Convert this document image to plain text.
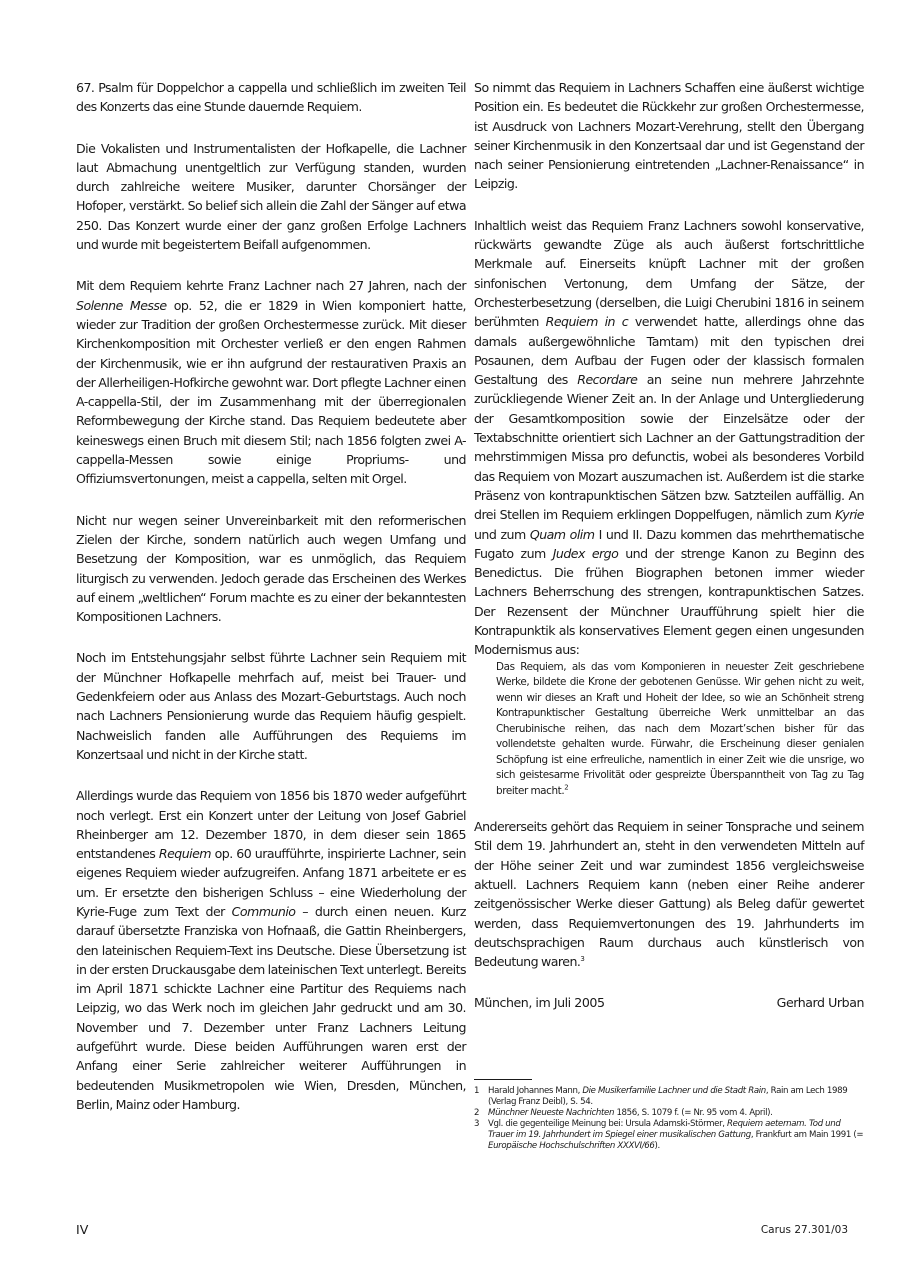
67. Psalm für Doppelchor a cappella und schließlich im zweiten Teil des Konzerts das eine Stunde dauernde Requiem.

Die Vokalisten und Instrumentalisten der Hofkapelle, die Lachner laut Abmachung unentgeltlich zur Verfügung standen, wurden durch zahlreiche weitere Musiker, darunter Chorsänger der Hofoper, verstärkt. So belief sich allein die Zahl der Sänger auf etwa 250. Das Konzert wurde einer der ganz großen Erfolge Lachners und wurde mit begeistertem Beifall aufgenommen.

Mit dem Requiem kehrte Franz Lachner nach 27 Jahren, nach der Solenne Messe op. 52, die er 1829 in Wien komponiert hatte, wieder zur Tradition der großen Orchestermesse zurück. Mit dieser Kirchenkomposition mit Orchester verließ er den engen Rahmen der Kirchenmusik, wie er ihn aufgrund der restaurativen Praxis an der Allerheiligen-Hofkirche gewohnt war. Dort pflegte Lachner einen A-cappella-Stil, der im Zusammenhang mit der überregionalen Reformbewegung der Kirche stand. Das Requiem bedeutete aber keineswegs einen Bruch mit diesem Stil; nach 1856 folgten zwei A-cappella-Messen sowie einige Propriums- und Offiziumsvertonungen, meist a cappella, selten mit Orgel.

Nicht nur wegen seiner Unvereinbarkeit mit den reformerischen Zielen der Kirche, sondern natürlich auch wegen Umfang und Besetzung der Komposition, war es unmöglich, das Requiem liturgisch zu verwenden. Jedoch gerade das Erscheinen des Werkes auf einem „weltlichen“ Forum machte es zu einer der bekanntesten Kompositionen Lachners.

Noch im Entstehungsjahr selbst führte Lachner sein Requiem mit der Münchner Hofkapelle mehrfach auf, meist bei Trauer- und Gedenkfeiern oder aus Anlass des Mozart-Geburtstags. Auch noch nach Lachners Pensionierung wurde das Requiem häufig gespielt. Nachweislich fanden alle Aufführungen des Requiems im Konzertsaal und nicht in der Kirche statt.

Allerdings wurde das Requiem von 1856 bis 1870 weder aufgeführt noch verlegt. Erst ein Konzert unter der Leitung von Josef Gabriel Rheinberger am 12. Dezember 1870, in dem dieser sein 1865 entstandenes Requiem op. 60 uraufführte, inspirierte Lachner, sein eigenes Requiem wieder aufzugreifen. Anfang 1871 arbeitete er es um. Er ersetzte den bisherigen Schluss – eine Wiederholung der Kyrie-Fuge zum Text der Communio – durch einen neuen. Kurz darauf übersetzte Franziska von Hofnaaß, die Gattin Rheinbergers, den lateinischen Requiem-Text ins Deutsche. Diese Übersetzung ist in der ersten Druckausgabe dem lateinischen Text unterlegt. Bereits im April 1871 schickte Lachner eine Partitur des Requiems nach Leipzig, wo das Werk noch im gleichen Jahr gedruckt und am 30. November und 7. Dezember unter Franz Lachners Leitung aufgeführt wurde. Diese beiden Aufführungen waren erst der Anfang einer Serie zahlreicher weiterer Aufführungen in bedeutenden Musikmetropolen wie Wien, Dresden, München, Berlin, Mainz oder Hamburg.

So nimmt das Requiem in Lachners Schaffen eine äußerst wichtige Position ein. Es bedeutet die Rückkehr zur großen Orchestermesse, ist Ausdruck von Lachners Mozart-Verehrung, stellt den Übergang seiner Kirchenmusik in den Konzertsaal dar und ist Gegenstand der nach seiner Pensionierung eintretenden „Lachner-Renaissance“ in Leipzig.

Inhaltlich weist das Requiem Franz Lachners sowohl konservative, rückwärts gewandte Züge als auch äußerst fortschrittliche Merkmale auf. Einerseits knüpft Lachner mit der großen sinfonischen Vertonung, dem Umfang der Sätze, der Orchesterbesetzung (derselben, die Luigi Cherubini 1816 in seinem berühmten Requiem in c verwendet hatte, allerdings ohne das damals außergewöhnliche Tamtam) mit den typischen drei Posaunen, dem Aufbau der Fugen oder der klassisch formalen Gestaltung des Recordare an seine nun mehrere Jahrzehnte zurückliegende Wiener Zeit an. In der Anlage und Untergliederung der Gesamtkomposition sowie der Einzelsätze oder der Textabschnitte orientiert sich Lachner an der Gattungstradition der mehrstimmigen Missa pro defunctis, wobei als besonderes Vorbild das Requiem von Mozart auszumachen ist. Außerdem ist die starke Präsenz von kontrapunktischen Sätzen bzw. Satzteilen auffällig. An drei Stellen im Requiem erklingen Doppelfugen, nämlich zum Kyrie und zum Quam olim I und II. Dazu kommen das mehrthematische Fugato zum Judex ergo und der strenge Kanon zu Beginn des Benedictus. Die frühen Biographen betonen immer wieder Lachners Beherrschung des strengen, kontrapunktischen Satzes. Der Rezensent der Münchner Uraufführung spielt hier die Kontrapunktik als konservatives Element gegen einen ungesunden Modernismus aus:

Das Requiem, als das vom Komponieren in neuester Zeit geschriebene Werke, bildete die Krone der gebotenen Genüsse. Wir gehen nicht zu weit, wenn wir dieses an Kraft und Hoheit der Idee, so wie an Schönheit streng Kontrapunktischer Gestaltung überreiche Werk unmittelbar an das Cherubinische reihen, das nach dem Mozart’schen bisher für das vollendetste gehalten wurde. Fürwahr, die Erscheinung dieser genialen Schöpfung ist eine erfreuliche, namentlich in einer Zeit wie die unsrige, wo sich geistesarme Frivolität oder gespreizte Überspanntheit von Tag zu Tag breiter macht.$^2$

Andererseits gehört das Requiem in seiner Tonsprache und seinem Stil dem 19. Jahrhundert an, steht in den verwendeten Mitteln auf der Höhe seiner Zeit und war zumindest 1856 vergleichsweise aktuell. Lachners Requiem kann (neben einer Reihe anderer zeitgenössischer Werke dieser Gattung) als Beleg dafür gewertet werden, dass Requiemvertonungen des 19. Jahrhunderts im deutschsprachigen Raum durchaus auch künstlerisch von Bedeutung waren.$^3$

München, im Juli 2005	Gerhard Urban

1	Harald Johannes Mann, Die Musikerfamilie Lachner und die Stadt Rain, Rain am Lech 1989 (Verlag Franz Deibl), S. 54.
2	Münchner Neueste Nachrichten 1856, S. 1079 f. (= Nr. 95 vom 4. April).
3	Vgl. die gegenteilige Meinung bei: Ursula Adamski-Störmer, Requiem aeternam. Tod und Trauer im 19. Jahrhundert im Spiegel einer musikalischen Gattung, Frankfurt am Main 1991 (= Europäische Hochschulschriften XXXVI/66).
IV	Carus 27.301/03
